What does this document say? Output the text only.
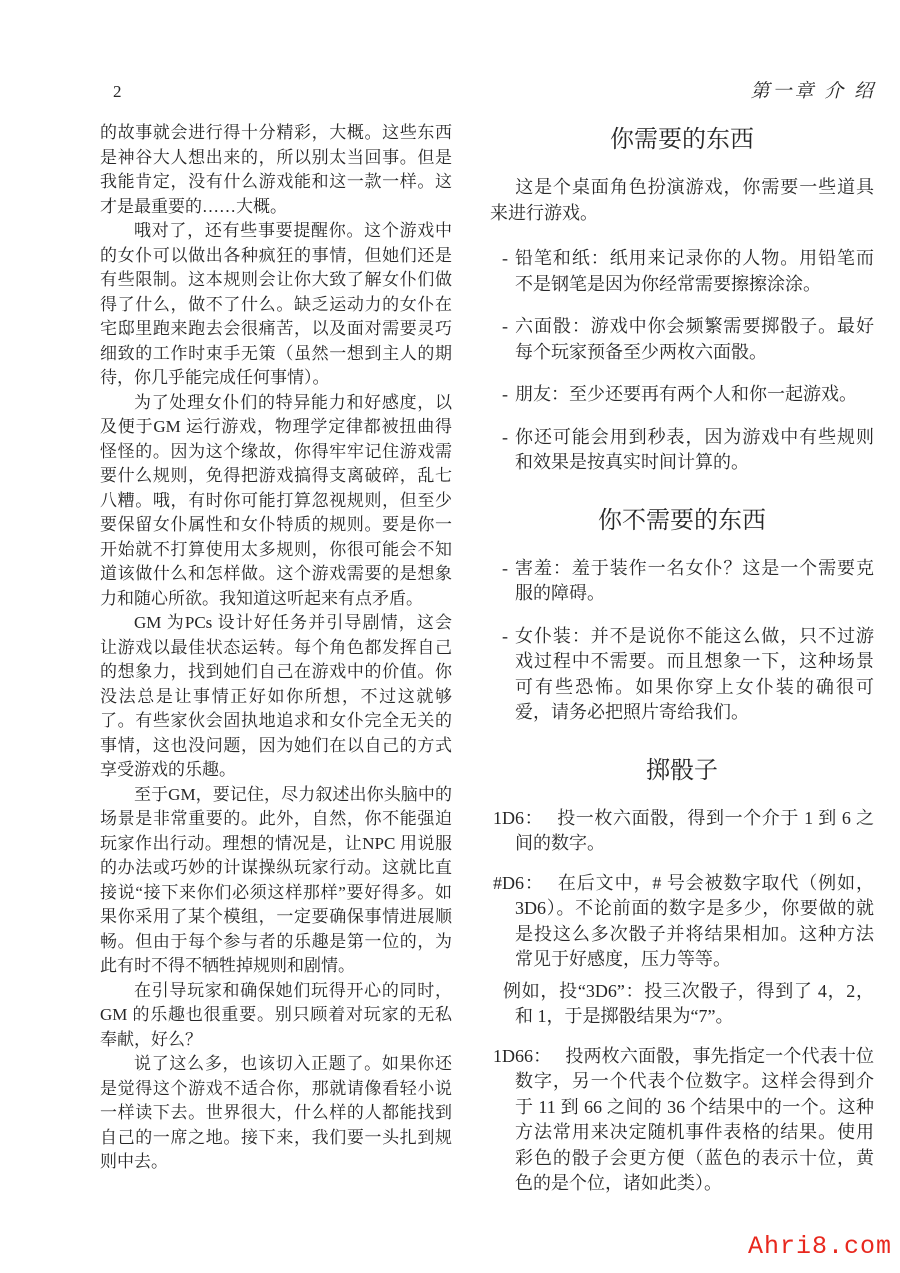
2	第一章 介 绍

的故事就会进行得十分精彩，大概。这些东西是神谷大人想出来的，所以别太当回事。但是我能肯定，没有什么游戏能和这一款一样。这才是最重要的……大概。

哦对了，还有些事要提醒你。这个游戏中的女仆可以做出各种疯狂的事情，但她们还是有些限制。这本规则会让你大致了解女仆们做得了什么，做不了什么。缺乏运动力的女仆在宅邸里跑来跑去会很痛苦，以及面对需要灵巧细致的工作时束手无策（虽然一想到主人的期待，你几乎能完成任何事情）。

为了处理女仆们的特异能力和好感度，以及便于GM 运行游戏，物理学定律都被扭曲得怪怪的。因为这个缘故，你得牢牢记住游戏需要什么规则，免得把游戏搞得支离破碎，乱七八糟。哦，有时你可能打算忽视规则，但至少要保留女仆属性和女仆特质的规则。要是你一开始就不打算使用太多规则，你很可能会不知道该做什么和怎样做。这个游戏需要的是想象力和随心所欲。我知道这听起来有点矛盾。

GM 为PCs 设计好任务并引导剧情，这会让游戏以最佳状态运转。每个角色都发挥自己的想象力，找到她们自己在游戏中的价值。你没法总是让事情正好如你所想，不过这就够了。有些家伙会固执地追求和女仆完全无关的事情，这也没问题，因为她们在以自己的方式享受游戏的乐趣。

至于GM，要记住，尽力叙述出你头脑中的场景是非常重要的。此外，自然，你不能强迫玩家作出行动。理想的情况是，让NPC 用说服的办法或巧妙的计谋操纵玩家行动。这就比直接说“接下来你们必须这样那样”要好得多。如果你采用了某个模组，一定要确保事情进展顺畅。但由于每个参与者的乐趣是第一位的，为此有时不得不牺牲掉规则和剧情。

在引导玩家和确保她们玩得开心的同时，GM 的乐趣也很重要。别只顾着对玩家的无私奉献，好么？

说了这么多，也该切入正题了。如果你还是觉得这个游戏不适合你，那就请像看轻小说一样读下去。世界很大，什么样的人都能找到自己的一席之地。接下来，我们要一头扎到规则中去。

你需要的东西

这是个桌面角色扮演游戏，你需要一些道具来进行游戏。

- 铅笔和纸：纸用来记录你的人物。用铅笔而不是钢笔是因为你经常需要擦擦涂涂。
- 六面骰：游戏中你会频繁需要掷骰子。最好每个玩家预备至少两枚六面骰。
- 朋友：至少还要再有两个人和你一起游戏。
- 你还可能会用到秒表，因为游戏中有些规则和效果是按真实时间计算的。
你不需要的东西
- 害羞：羞于装作一名女仆？这是一个需要克服的障碍。
- 女仆装：并不是说你不能这么做，只不过游戏过程中不需要。而且想象一下，这种场景可有些恐怖。如果你穿上女仆装的确很可爱，请务必把照片寄给我们。
掷骰子
1D6： 投一枚六面骰，得到一个介于 1 到 6 之间的数字。
#D6： 在后文中，# 号会被数字取代（例如，3D6）。不论前面的数字是多少，你要做的就是投这么多次骰子并将结果相加。这种方法常见于好感度，压力等等。

例如，投“3D6”：投三次骰子，得到了 4，2，和 1，于是掷骰结果为“7”。

1D66： 投两枚六面骰，事先指定一个代表十位数字，另一个代表个位数字。这样会得到介于 11 到 66 之间的 36 个结果中的一个。这种方法常用来决定随机事件表格的结果。使用彩色的骰子会更方便（蓝色的表示十位，黄色的是个位，诸如此类）。
Ahri8.com
